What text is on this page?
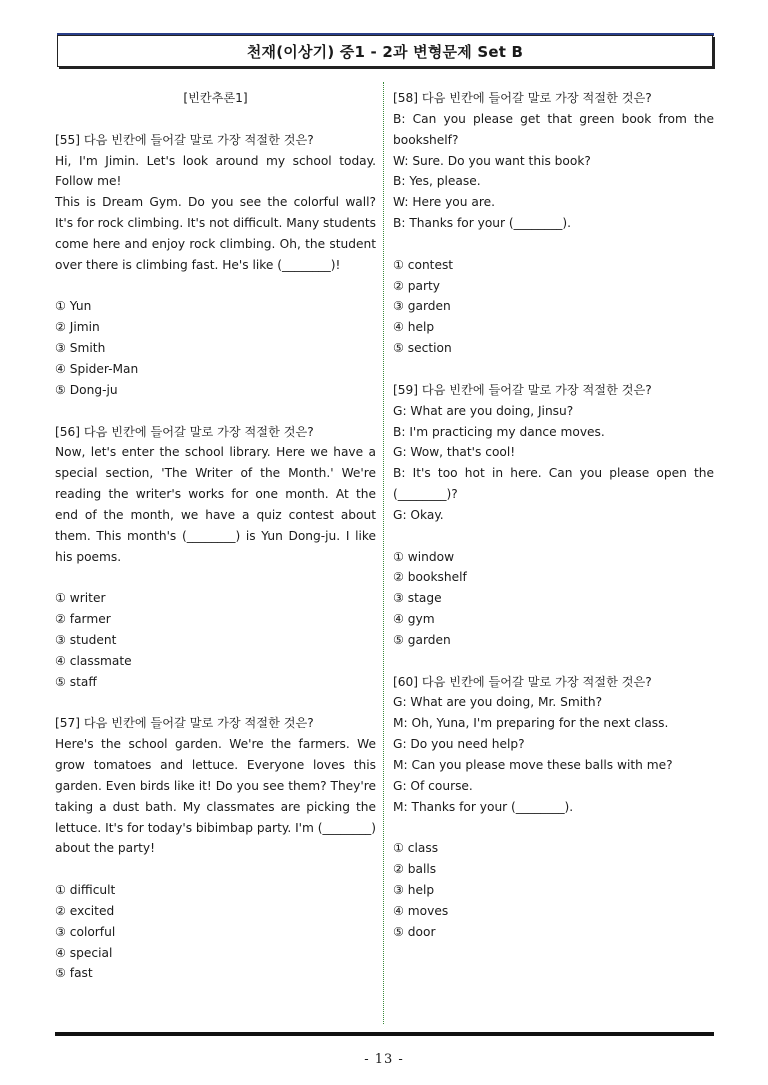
천재(이상기) 중1 - 2과 변형문제 Set B
[빈칸추론1]
[55] 다음 빈칸에 들어갈 말로 가장 적절한 것은?
Hi, I'm Jimin. Let's look around my school today. Follow me!
This is Dream Gym. Do you see the colorful wall? It's for rock climbing. It's not difficult. Many students come here and enjoy rock climbing. Oh, the student over there is climbing fast. He's like (________)!
① Yun
② Jimin
③ Smith
④ Spider-Man
⑤ Dong-ju
[56] 다음 빈칸에 들어갈 말로 가장 적절한 것은?
Now, let's enter the school library. Here we have a special section, 'The Writer of the Month.' We're reading the writer's works for one month. At the end of the month, we have a quiz contest about them. This month's (________) is Yun Dong-ju. I like his poems.
① writer
② farmer
③ student
④ classmate
⑤ staff
[57] 다음 빈칸에 들어갈 말로 가장 적절한 것은?
Here's the school garden. We're the farmers. We grow tomatoes and lettuce. Everyone loves this garden. Even birds like it! Do you see them? They're taking a dust bath. My classmates are picking the lettuce. It's for today's bibimbap party. I'm (________) about the party!
① difficult
② excited
③ colorful
④ special
⑤ fast
[58] 다음 빈칸에 들어갈 말로 가장 적절한 것은?
B: Can you please get that green book from the bookshelf?
W: Sure. Do you want this book?
B: Yes, please.
W: Here you are.
B: Thanks for your (________).
① contest
② party
③ garden
④ help
⑤ section
[59] 다음 빈칸에 들어갈 말로 가장 적절한 것은?
G: What are you doing, Jinsu?
B: I'm practicing my dance moves.
G: Wow, that's cool!
B: It's too hot in here. Can you please open the (________)?
G: Okay.
① window
② bookshelf
③ stage
④ gym
⑤ garden
[60] 다음 빈칸에 들어갈 말로 가장 적절한 것은?
G: What are you doing, Mr. Smith?
M: Oh, Yuna, I'm preparing for the next class.
G: Do you need help?
M: Can you please move these balls with me?
G: Of course.
M: Thanks for your (________).
① class
② balls
③ help
④ moves
⑤ door
- 13 -
